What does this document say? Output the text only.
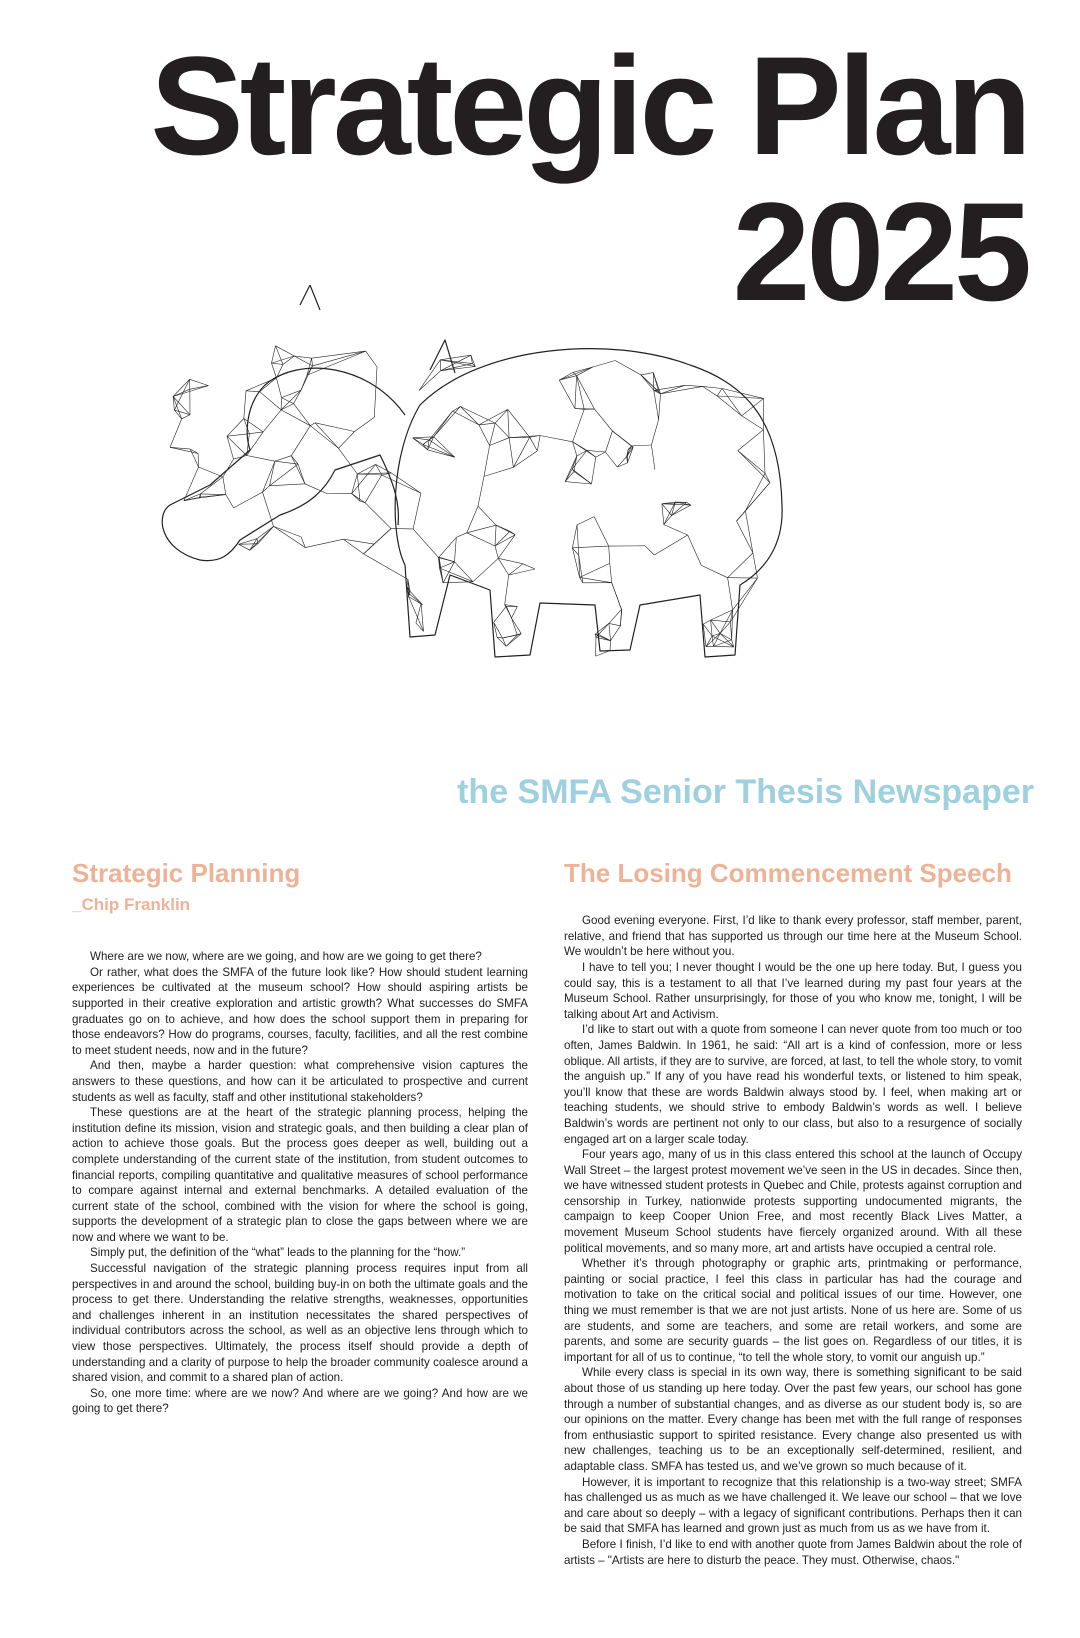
Strategic Plan
2025
the SMFA Senior Thesis Newspaper
Strategic Planning
_Chip Franklin

Where are we now, where are we going, and how are we going to get there?

Or rather, what does the SMFA of the future look like? How should student learning experiences be cultivated at the museum school? How should aspiring artists be supported in their creative exploration and artistic growth? What successes do SMFA graduates go on to achieve, and how does the school support them in preparing for those endeavors? How do programs, courses, faculty, facilities, and all the rest combine to meet student needs, now and in the future?

And then, maybe a harder question: what comprehensive vision captures the answers to these questions, and how can it be articulated to prospective and current students as well as faculty, staff and other institutional stakeholders?

These questions are at the heart of the strategic planning process, helping the institution define its mission, vision and strategic goals, and then building a clear plan of action to achieve those goals. But the process goes deeper as well, building out a complete understanding of the current state of the institution, from student outcomes to financial reports, compiling quantitative and qualitative measures of school performance to compare against internal and external benchmarks. A detailed evaluation of the current state of the school, combined with the vision for where the school is going, supports the development of a strategic plan to close the gaps between where we are now and where we want to be.

Simply put, the definition of the “what” leads to the planning for the “how.”

Successful navigation of the strategic planning process requires input from all perspectives in and around the school, building buy-in on both the ultimate goals and the process to get there. Understanding the relative strengths, weaknesses, opportunities and challenges inherent in an institution necessitates the shared perspectives of individual contributors across the school, as well as an objective lens through which to view those perspectives. Ultimately, the process itself should provide a depth of understanding and a clarity of purpose to help the broader community coalesce around a shared vision, and commit to a shared plan of action.

So, one more time: where are we now? And where are we going? And how are we going to get there?

The Losing Commencement Speech

Good evening everyone. First, I’d like to thank every professor, staff member, parent, relative, and friend that has supported us through our time here at the Museum School. We wouldn’t be here without you.

I have to tell you; I never thought I would be the one up here today. But, I guess you could say, this is a testament to all that I’ve learned during my past four years at the Museum School. Rather unsurprisingly, for those of you who know me, tonight, I will be talking about Art and Activism.

I’d like to start out with a quote from someone I can never quote from too much or too often, James Baldwin. In 1961, he said: “All art is a kind of confession, more or less oblique. All artists, if they are to survive, are forced, at last, to tell the whole story, to vomit the anguish up.” If any of you have read his wonderful texts, or listened to him speak, you’ll know that these are words Baldwin always stood by. I feel, when making art or teaching students, we should strive to embody Baldwin’s words as well. I believe Baldwin’s words are pertinent not only to our class, but also to a resurgence of socially engaged art on a larger scale today.

Four years ago, many of us in this class entered this school at the launch of Occupy Wall Street – the largest protest movement we’ve seen in the US in decades. Since then, we have witnessed student protests in Quebec and Chile, protests against corruption and censorship in Turkey, nationwide protests supporting undocumented migrants, the campaign to keep Cooper Union Free, and most recently Black Lives Matter, a movement Museum School students have fiercely organized around. With all these political movements, and so many more, art and artists have occupied a central role.

Whether it’s through photography or graphic arts, printmaking or performance, painting or social practice, I feel this class in particular has had the courage and motivation to take on the critical social and political issues of our time. However, one thing we must remember is that we are not just artists. None of us here are. Some of us are students, and some are teachers, and some are retail workers, and some are parents, and some are security guards – the list goes on. Regardless of our titles, it is important for all of us to continue, “to tell the whole story, to vomit our anguish up.”

While every class is special in its own way, there is something significant to be said about those of us standing up here today. Over the past few years, our school has gone through a number of substantial changes, and as diverse as our student body is, so are our opinions on the matter. Every change has been met with the full range of responses from enthusiastic support to spirited resistance. Every change also presented us with new challenges, teaching us to be an exceptionally self-determined, resilient, and adaptable class. SMFA has tested us, and we’ve grown so much because of it.

However, it is important to recognize that this relationship is a two-way street; SMFA has challenged us as much as we have challenged it. We leave our school – that we love and care about so deeply – with a legacy of significant contributions. Perhaps then it can be said that SMFA has learned and grown just as much from us as we have from it.

Before I finish, I’d like to end with another quote from James Baldwin about the role of artists – "Artists are here to disturb the peace. They must. Otherwise, chaos."
